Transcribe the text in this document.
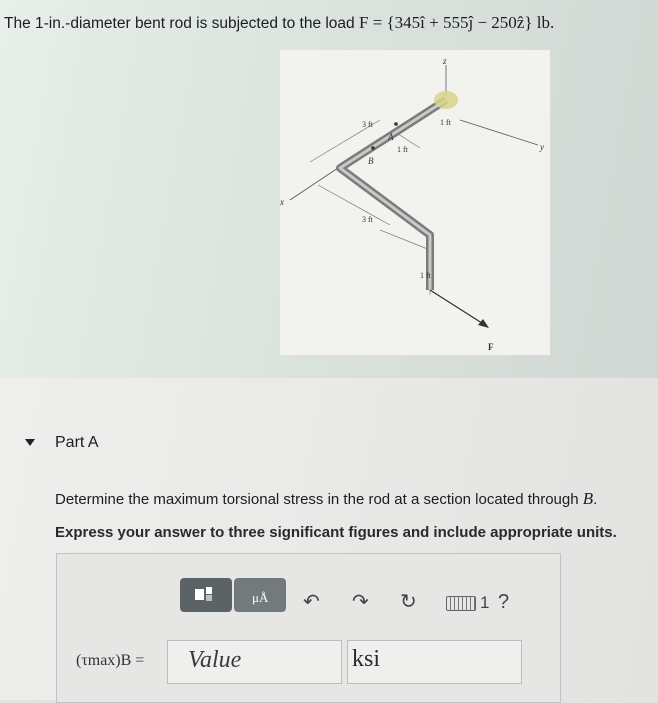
The 1-in.-diameter bent rod is subjected to the load F = {345î + 555ĵ − 250ẑ} lb.
z
y
x
3 ft	1 ft
1 ft
3 ft
1 ft
A
B
F
Part A
Determine the maximum torsional stress in the rod at a section located through B.
Express your answer to three significant figures and include appropriate units.
μÅ ↶ ↷ ↻	1 ?
(τmax)B =	Value	ksi
